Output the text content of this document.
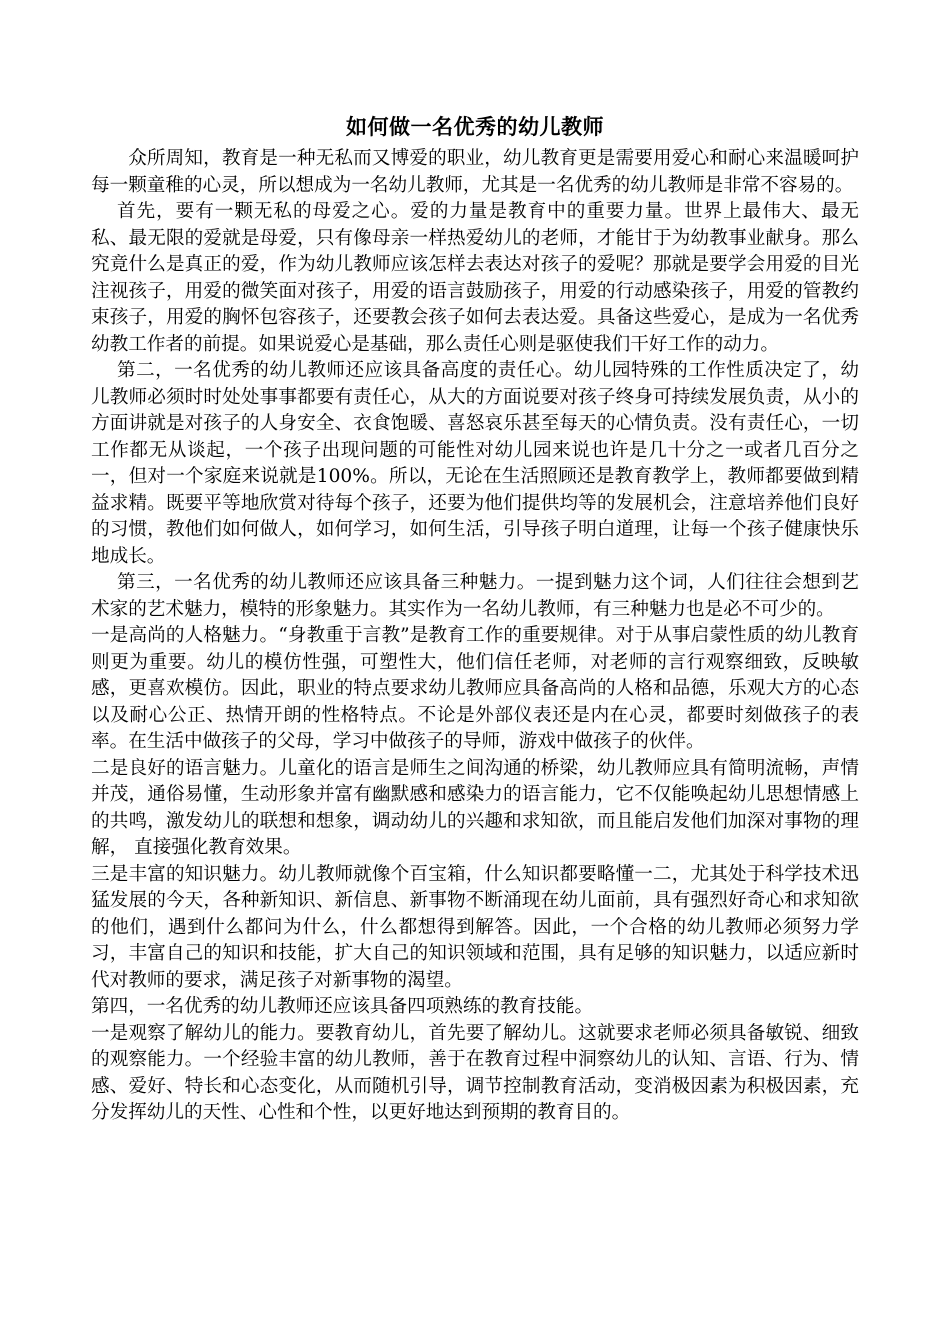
如何做一名优秀的幼儿教师

众所周知，教育是一种无私而又博爱的职业，幼儿教育更是需要用爱心和耐心来温暖呵护每一颗童稚的心灵，所以想成为一名幼儿教师，尤其是一名优秀的幼儿教师是非常不容易的。

首先，要有一颗无私的母爱之心。爱的力量是教育中的重要力量。世界上最伟大、最无私、最无限的爱就是母爱，只有像母亲一样热爱幼儿的老师，才能甘于为幼教事业献身。那么究竟什么是真正的爱，作为幼儿教师应该怎样去表达对孩子的爱呢？那就是要学会用爱的目光注视孩子，用爱的微笑面对孩子，用爱的语言鼓励孩子，用爱的行动感染孩子，用爱的管教约束孩子，用爱的胸怀包容孩子，还要教会孩子如何去表达爱。具备这些爱心，是成为一名优秀幼教工作者的前提。如果说爱心是基础，那么责任心则是驱使我们干好工作的动力。

第二，一名优秀的幼儿教师还应该具备高度的责任心。幼儿园特殊的工作性质决定了，幼儿教师必须时时处处事事都要有责任心，从大的方面说要对孩子终身可持续发展负责，从小的方面讲就是对孩子的人身安全、衣食饱暖、喜怒哀乐甚至每天的心情负责。没有责任心，一切工作都无从谈起，一个孩子出现问题的可能性对幼儿园来说也许是几十分之一或者几百分之一，但对一个家庭来说就是100%。所以，无论在生活照顾还是教育教学上，教师都要做到精益求精。既要平等地欣赏对待每个孩子，还要为他们提供均等的发展机会，注意培养他们良好的习惯，教他们如何做人，如何学习，如何生活，引导孩子明白道理，让每一个孩子健康快乐地成长。

第三，一名优秀的幼儿教师还应该具备三种魅力。一提到魅力这个词，人们往往会想到艺术家的艺术魅力，模特的形象魅力。其实作为一名幼儿教师，有三种魅力也是必不可少的。

一是高尚的人格魅力。“身教重于言教”是教育工作的重要规律。对于从事启蒙性质的幼儿教育则更为重要。幼儿的模仿性强，可塑性大，他们信任老师，对老师的言行观察细致，反映敏感，更喜欢模仿。因此，职业的特点要求幼儿教师应具备高尚的人格和品德，乐观大方的心态以及耐心公正、热情开朗的性格特点。不论是外部仪表还是内在心灵，都要时刻做孩子的表率。在生活中做孩子的父母，学习中做孩子的导师，游戏中做孩子的伙伴。

二是良好的语言魅力。儿童化的语言是师生之间沟通的桥梁，幼儿教师应具有简明流畅，声情并茂，通俗易懂，生动形象并富有幽默感和感染力的语言能力，它不仅能唤起幼儿思想情感上的共鸣，激发幼儿的联想和想象，调动幼儿的兴趣和求知欲，而且能启发他们加深对事物的理解， 直接强化教育效果。

三是丰富的知识魅力。幼儿教师就像个百宝箱，什么知识都要略懂一二，尤其处于科学技术迅猛发展的今天，各种新知识、新信息、新事物不断涌现在幼儿面前，具有强烈好奇心和求知欲的他们，遇到什么都问为什么，什么都想得到解答。因此，一个合格的幼儿教师必须努力学习，丰富自己的知识和技能，扩大自己的知识领域和范围，具有足够的知识魅力，以适应新时代对教师的要求，满足孩子对新事物的渴望。

第四，一名优秀的幼儿教师还应该具备四项熟练的教育技能。

一是观察了解幼儿的能力。要教育幼儿，首先要了解幼儿。这就要求老师必须具备敏锐、细致的观察能力。一个经验丰富的幼儿教师，善于在教育过程中洞察幼儿的认知、言语、行为、情感、爱好、特长和心态变化，从而随机引导，调节控制教育活动，变消极因素为积极因素，充分发挥幼儿的天性、心性和个性，以更好地达到预期的教育目的。
